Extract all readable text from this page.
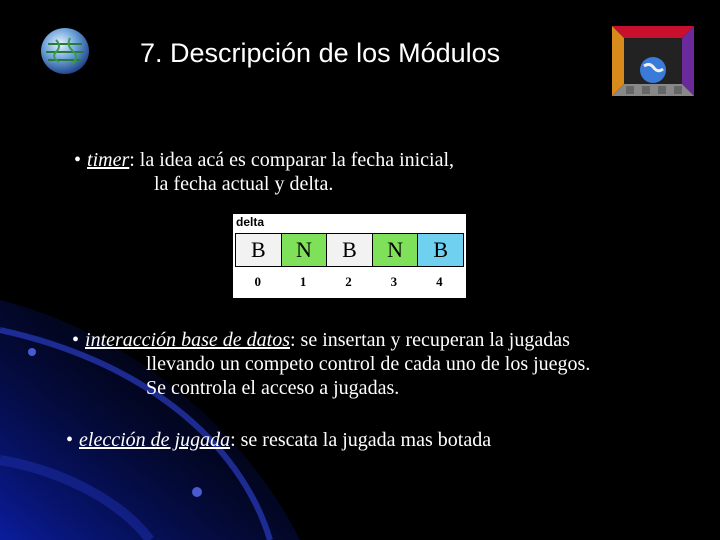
7. Descripción de los Módulos
• timer: la idea acá es comparar la fecha inicial,
la fecha actual y delta.
delta
B	N	B	N	B
0	1	2	3	4
• interacción base de datos: se insertan y recuperan la jugadas
llevando un competo control de cada uno de los juegos.
Se controla el acceso a jugadas.
• elección de jugada: se rescata la jugada mas botada
